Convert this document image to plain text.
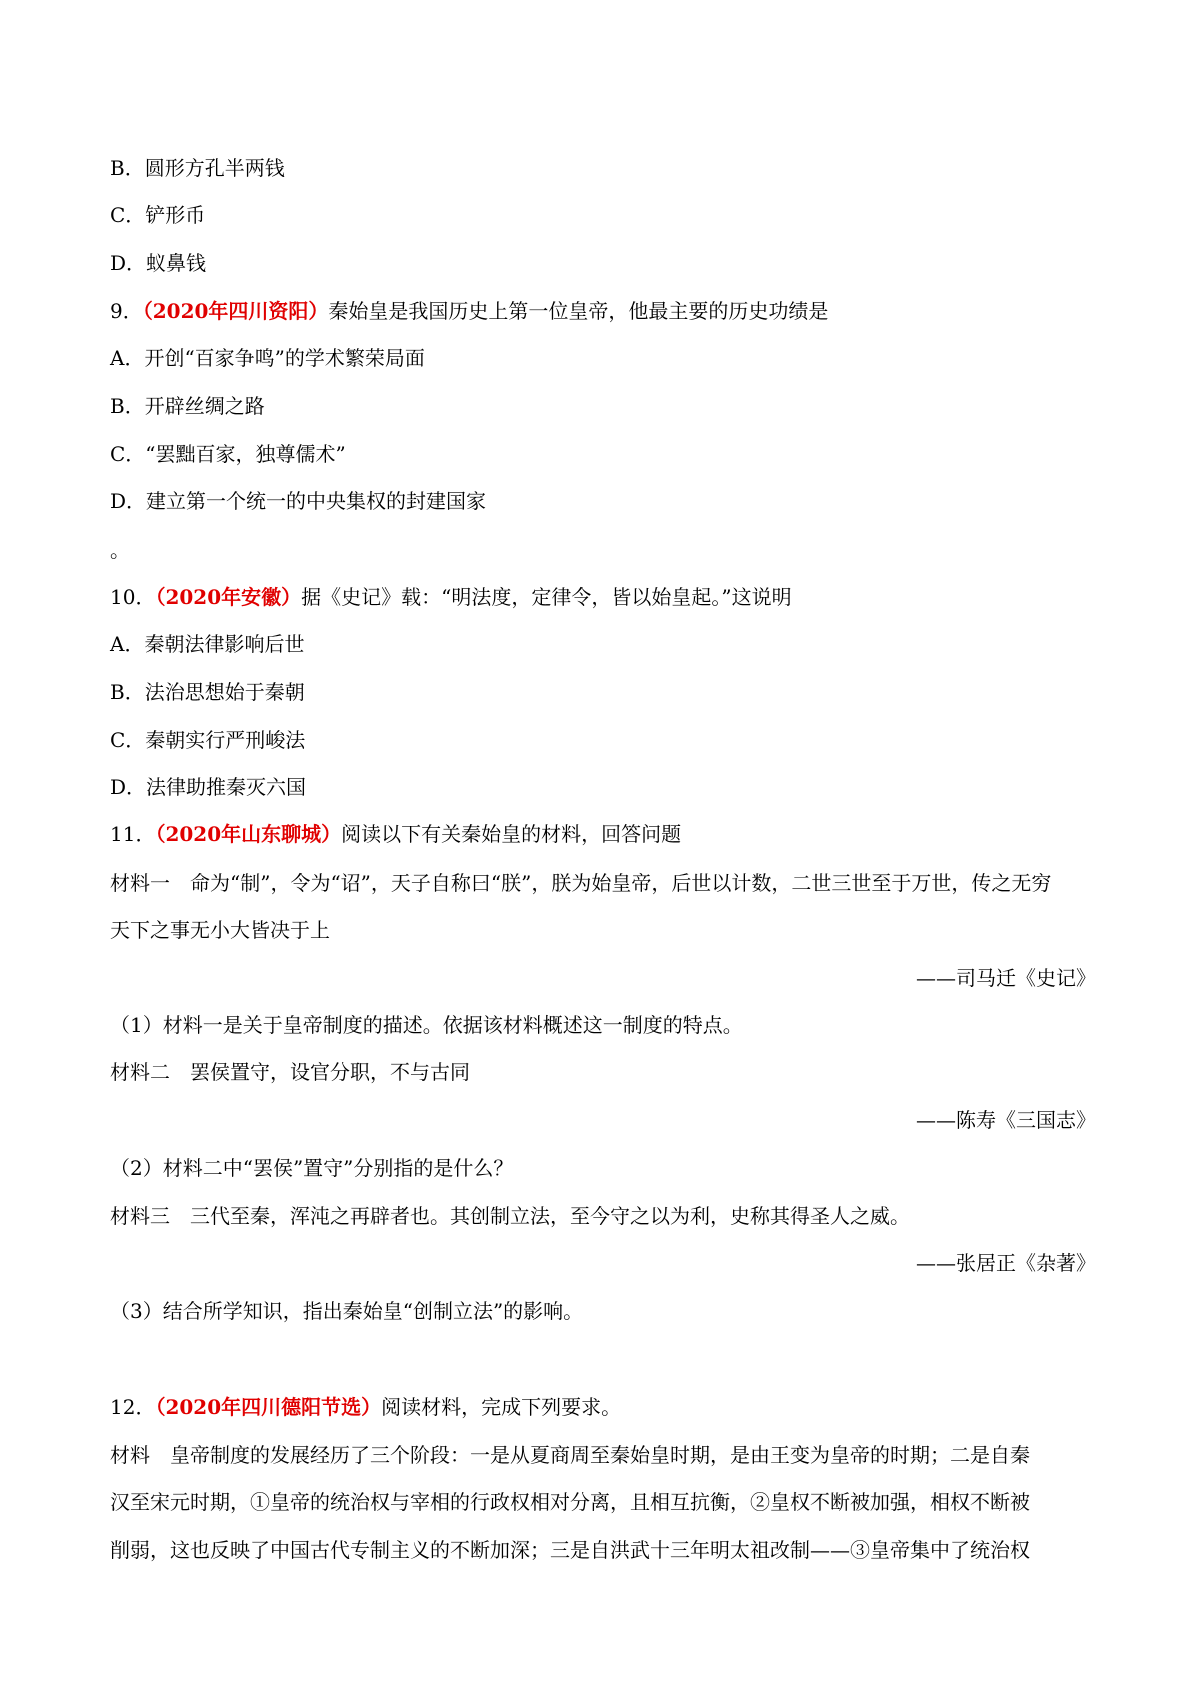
B．圆形方孔半两钱
C．铲形币
D．蚁鼻钱
9．（2020年四川资阳）秦始皇是我国历史上第一位皇帝，他最主要的历史功绩是
A．开创“百家争鸣”的学术繁荣局面
B．开辟丝绸之路
C．“罢黜百家，独尊儒术”
D．建立第一个统一的中央集权的封建国家
。
10．（2020年安徽）据《史记》载：“明法度，定律令，皆以始皇起。”这说明
A．秦朝法律影响后世
B．法治思想始于秦朝
C．秦朝实行严刑峻法
D．法律助推秦灭六国
11．（2020年山东聊城）阅读以下有关秦始皇的材料，回答问题
材料一　命为“制”，令为“诏”，天子自称曰“朕”，朕为始皇帝，后世以计数，二世三世至于万世，传之无穷
天下之事无小大皆决于上
——司马迁《史记》
（1）材料一是关于皇帝制度的描述。依据该材料概述这一制度的特点。
材料二　罢侯置守，设官分职，不与古同
——陈寿《三国志》
（2）材料二中“罢侯”置守”分别指的是什么？
材料三　三代至秦，浑沌之再辟者也。其创制立法，至今守之以为利，史称其得圣人之威。
——张居正《杂著》
（3）结合所学知识，指出秦始皇“创制立法”的影响。
12．（2020年四川德阳节选）阅读材料，完成下列要求。
材料　皇帝制度的发展经历了三个阶段：一是从夏商周至秦始皇时期，是由王变为皇帝的时期；二是自秦
汉至宋元时期，①皇帝的统治权与宰相的行政权相对分离，且相互抗衡，②皇权不断被加强，相权不断被
削弱，这也反映了中国古代专制主义的不断加深；三是自洪武十三年明太祖改制——③皇帝集中了统治权
